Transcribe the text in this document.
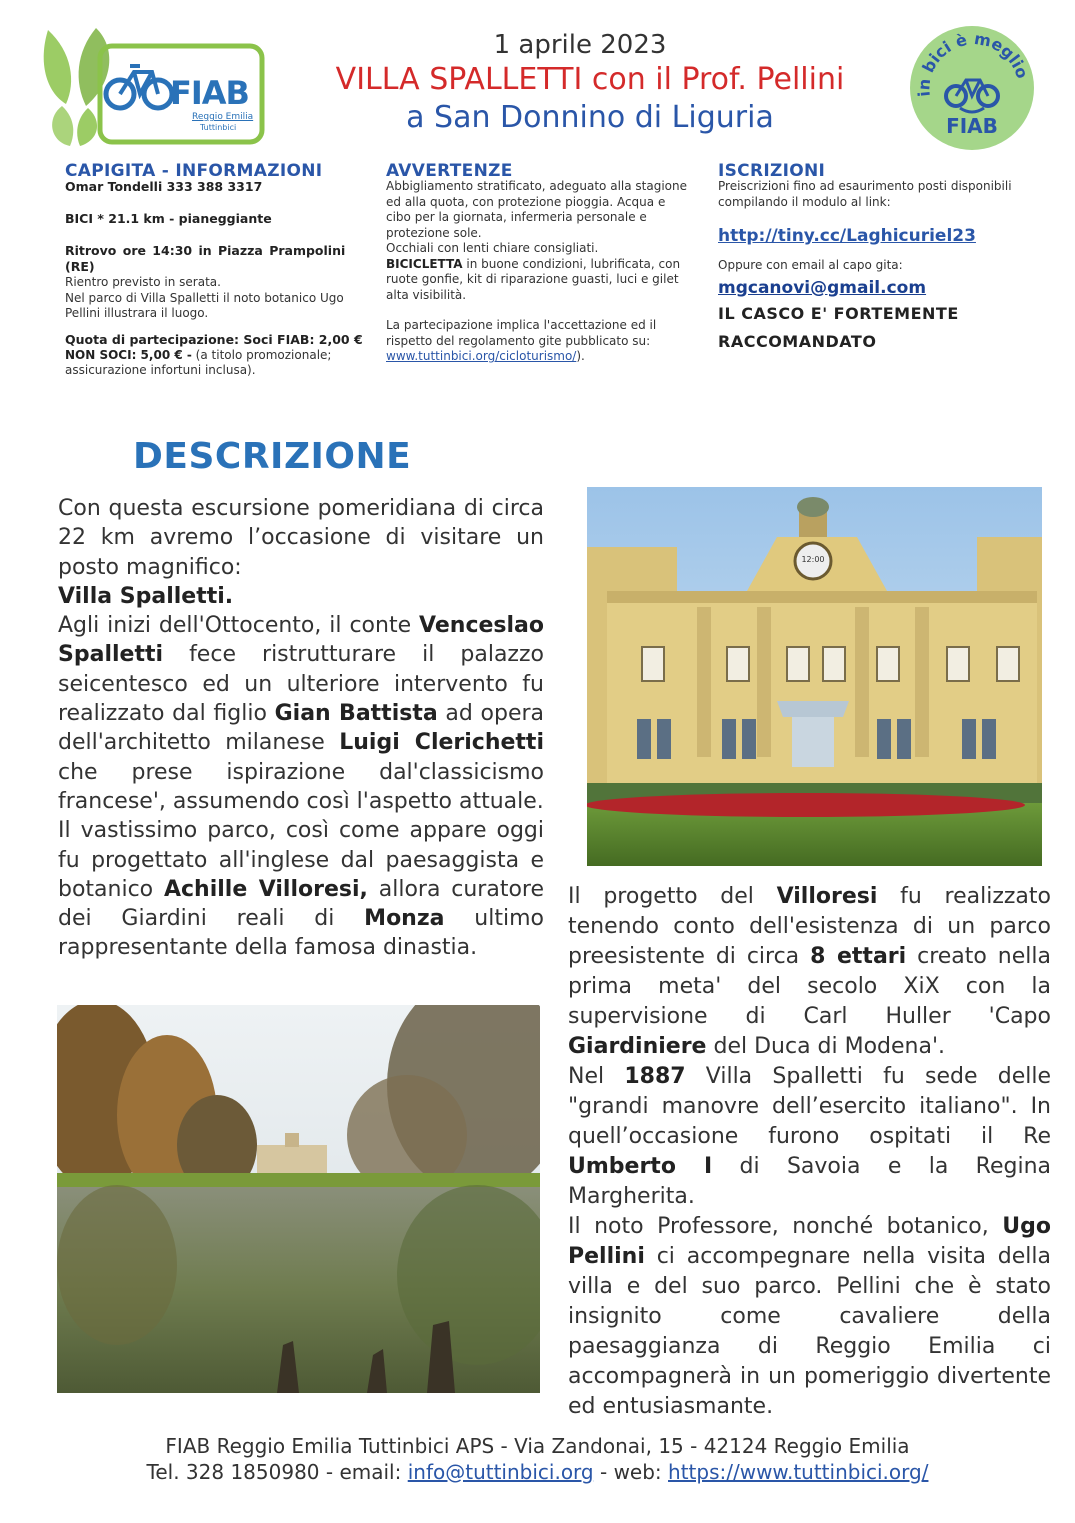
FIAB
Reggio Emilia
Tuttinbici
in bici è meglio
FIAB
1 aprile 2023
VILLA SPALLETTI con il Prof. Pellini
a San Donnino di Liguria
CAPIGITA - INFORMAZIONI

Omar Tondelli 333 388 3317

BICI * 21.1 km - pianeggiante

Ritrovo ore 14:30 in Piazza Prampolini (RE)

Rientro previsto in serata.

Nel parco di Villa Spalletti il noto botanico Ugo Pellini illustrara il luogo.

Quota di partecipazione: Soci FIAB: 2,00 €

NON SOCI: 5,00 € - (a titolo promozionale; assicurazione infortuni inclusa).

AVVERTENZE

Abbigliamento stratificato, adeguato alla stagione ed alla quota, con protezione pioggia. Acqua e cibo per la giornata, infermeria personale e protezione sole.

Occhiali con lenti chiare consigliati.

BICICLETTA in buone condizioni, lubrificata, con ruote gonfie, kit di riparazione guasti, luci e gilet alta visibilità.

La partecipazione implica l'accettazione ed il rispetto del regolamento gite pubblicato su:

www.tuttinbici.org/cicloturismo/).

ISCRIZIONI

Preiscrizioni fino ad esaurimento posti disponibili compilando il modulo al link:

http://tiny.cc/Laghicuriel23

Oppure con email al capo gita:

mgcanovi@gmail.com

IL CASCO E' FORTEMENTE

RACCOMANDATO

DESCRIZIONE

Con questa escursione pomeridiana di circa 22 km avremo l’occasione di visitare un posto magnifico:

Villa Spalletti.

Agli inizi dell'Ottocento, il conte Venceslao Spalletti fece ristrutturare il palazzo seicentesco ed un ulteriore intervento fu realizzato dal figlio Gian Battista ad opera dell'architetto milanese Luigi Clerichetti che prese ispirazione dal'classicismo francese', assumendo così l'aspetto attuale.

Il vastissimo parco, così come appare oggi fu progettato all'inglese dal paesaggista e botanico Achille Villoresi, allora curatore dei Giardini reali di Monza ultimo rappresentante della famosa dinastia.

12:00

Il progetto del Villoresi fu realizzato tenendo conto dell'esistenza di un parco preesistente di circa 8 ettari creato nella prima meta' del secolo XiX con la supervisione di Carl Huller 'Capo Giardiniere del Duca di Modena'.

Nel 1887 Villa Spalletti fu sede delle "grandi manovre dell’esercito italiano". In quell’occasione furono ospitati il Re Umberto I di Savoia e la Regina Margherita.

Il noto Professore, nonché botanico, Ugo Pellini ci accompegnare nella visita della villa e del suo parco. Pellini che è stato insignito come cavaliere della paesaggianza di Reggio Emilia ci accompagnerà in un pomeriggio divertente ed entusiasmante.

FIAB Reggio Emilia Tuttinbici APS - Via Zandonai, 15 - 42124 Reggio Emilia
Tel. 328 1850980 - email: info@tuttinbici.org - web: https://www.tuttinbici.org/
